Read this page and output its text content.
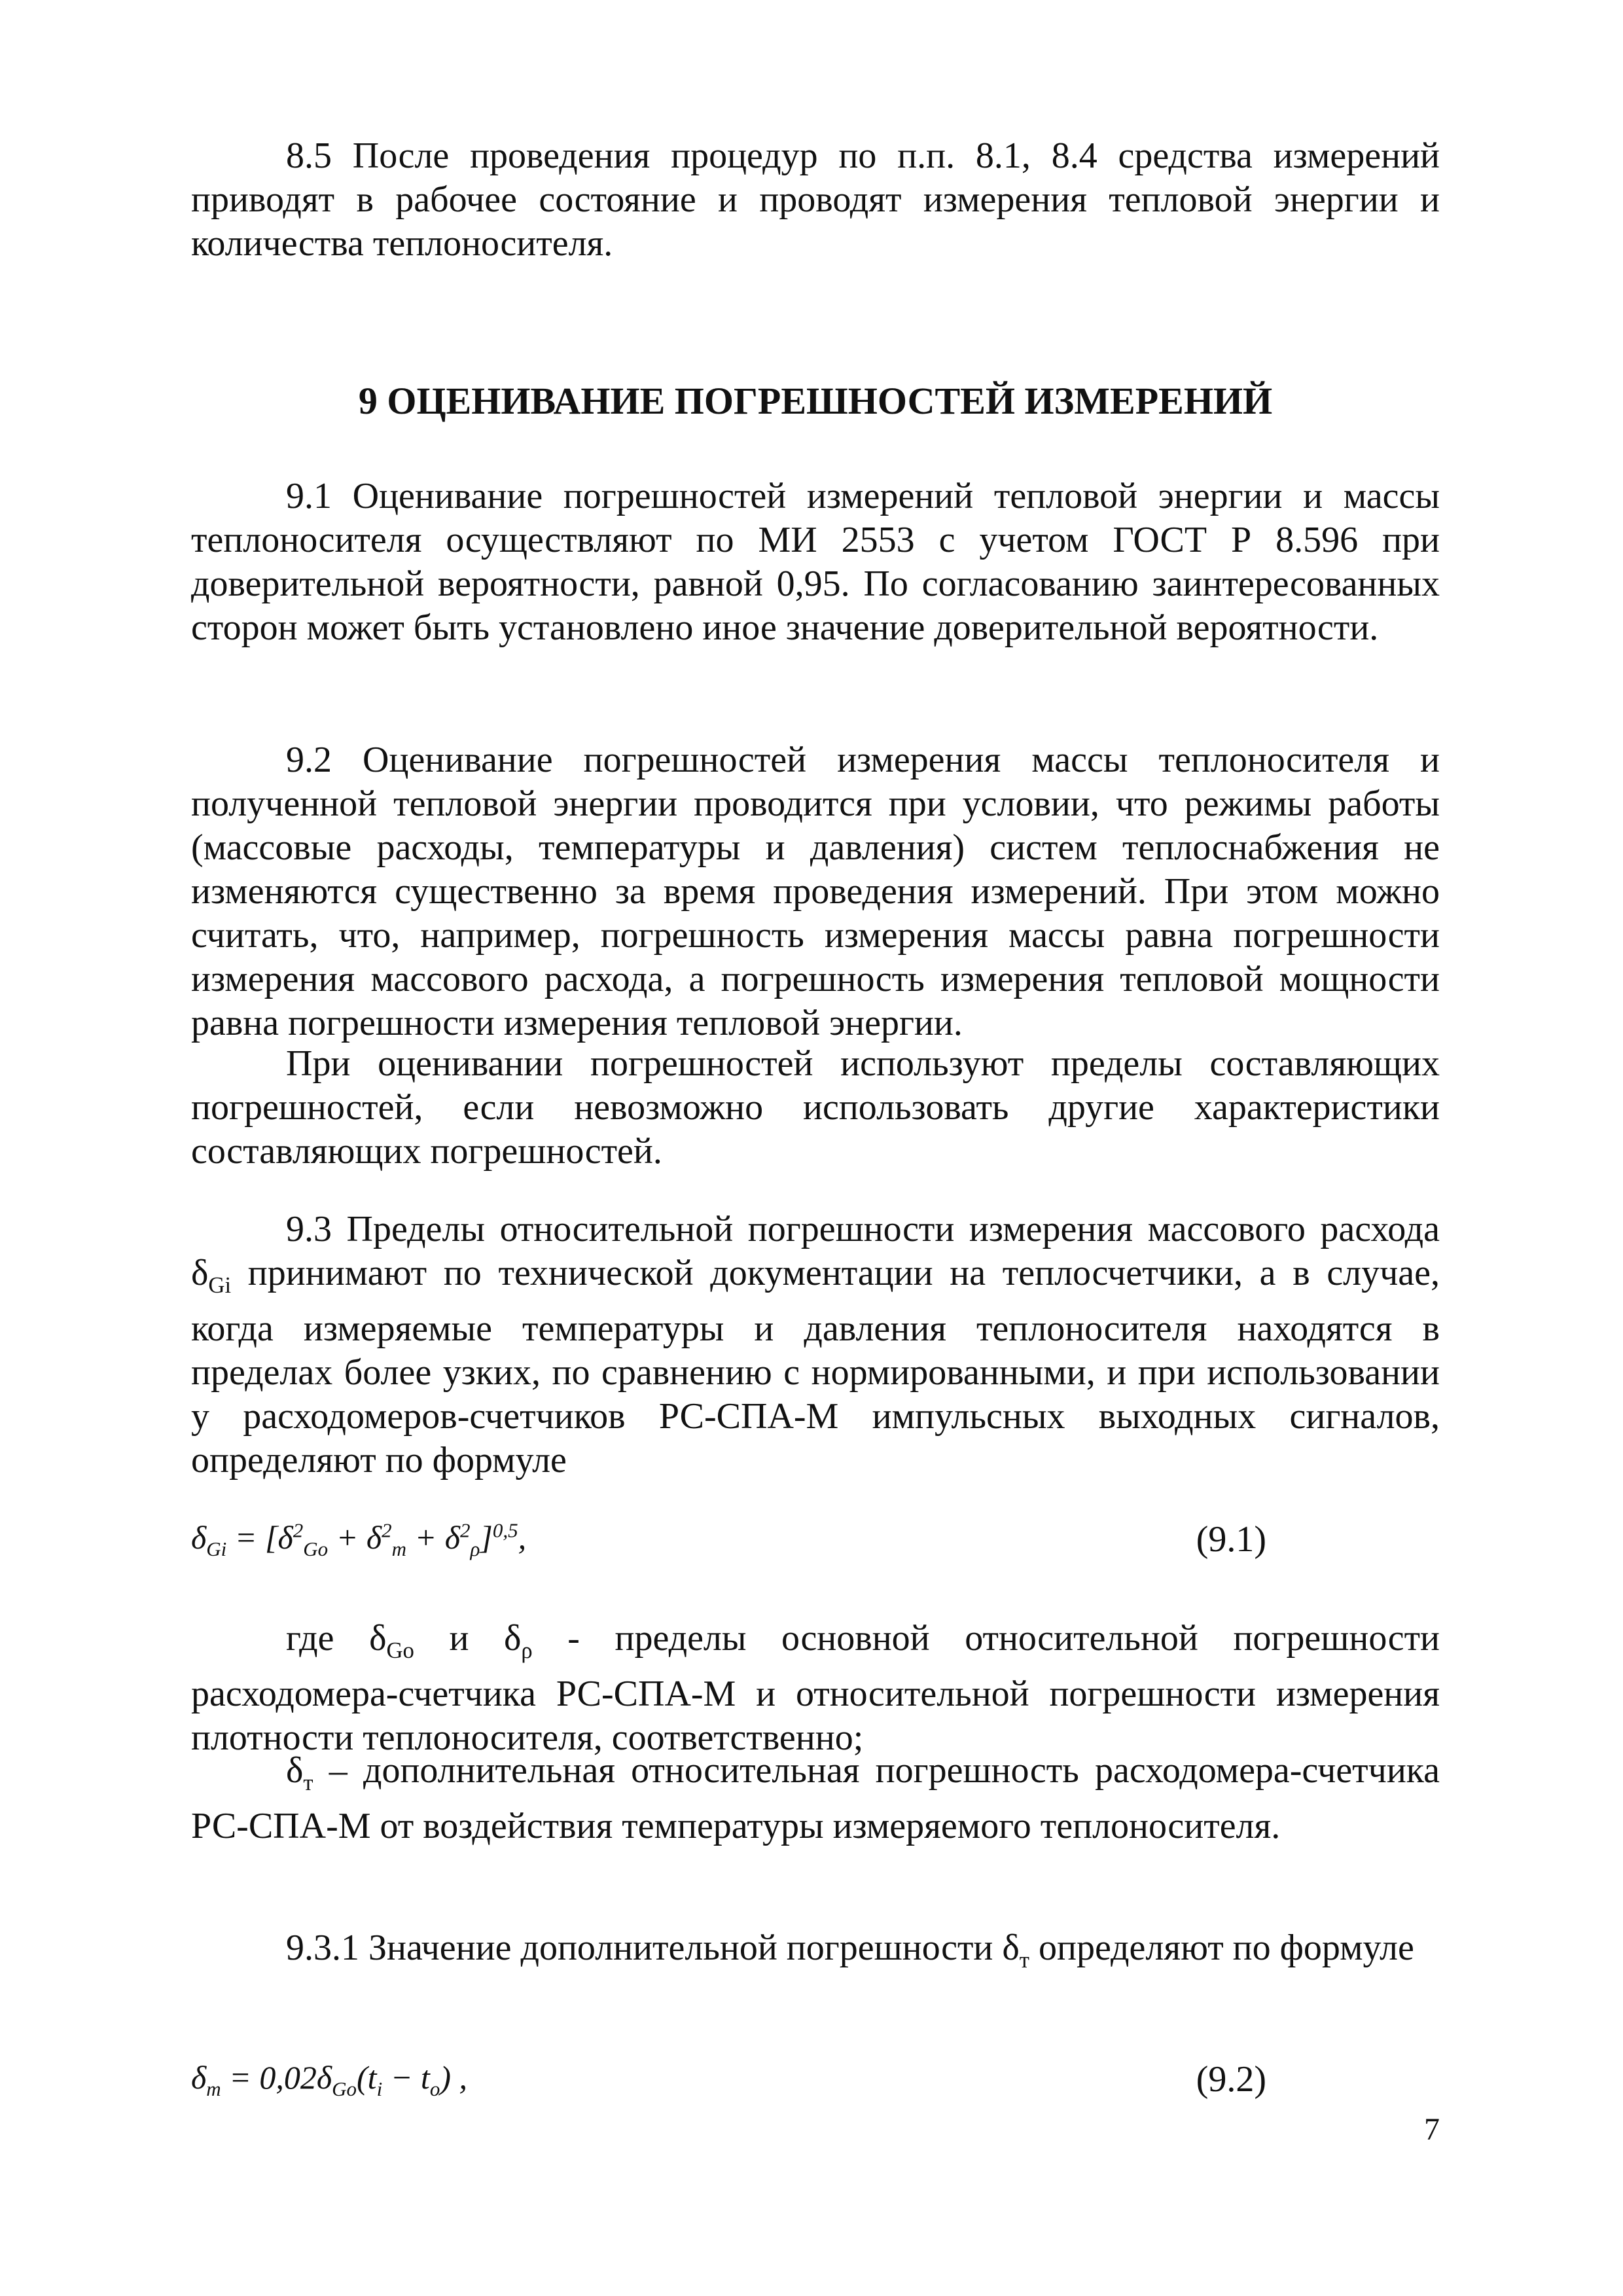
8.5 После проведения процедур по п.п. 8.1, 8.4 средства измерений приводят в рабочее состояние и проводят измерения тепловой энергии и количества теплоносителя.

9 ОЦЕНИВАНИЕ ПОГРЕШНОСТЕЙ ИЗМЕРЕНИЙ

9.1 Оценивание погрешностей измерений тепловой энергии и массы теплоносителя осуществляют по МИ 2553 с учетом ГОСТ Р 8.596 при доверительной вероятности, равной 0,95. По согласованию заинтересованных сторон может быть установлено иное значение доверительной вероятности.

9.2 Оценивание погрешностей измерения массы теплоносителя и полученной тепловой энергии проводится при условии, что режимы работы (массовые расходы, температуры и давления) систем теплоснабжения не изменяются существенно за время проведения измерений. При этом можно считать, что, например, погрешность измерения массы равна погрешности измерения массового расхода, а погрешность измерения тепловой мощности равна погрешности измерения тепловой энергии.

При оценивании погрешностей используют пределы составляющих погрешностей, если невозможно использовать другие характеристики составляющих погрешностей.

9.3 Пределы относительной погрешности измерения массового расхода $\delta_{Gi}$ принимают по технической документации на теплосчетчики, а в случае, когда измеряемые температуры и давления теплоносителя находятся в пределах более узких, по сравнению с нормированными, и при использовании у расходомеров-счетчиков РС-СПА-М импульсных выходных сигналов, определяют по формуле

$\delta_{Gi} = [\delta^2_{Go} + \delta^2_т + \delta^2_\rho]^{0,5}$,	(9.1)

где $\delta_{Go}$ и $\delta_\rho$ - пределы основной относительной погрешности расходомера-счетчика РС-СПА-М и относительной погрешности измерения плотности теплоносителя, соответственно;

$\delta_т$ – дополнительная относительная погрешность расходомера-счетчика РС-СПА-М от воздействия температуры измеряемого теплоносителя.

9.3.1 Значение дополнительной погрешности $\delta_т$ определяют по формуле

$\delta_т = 0,02\delta_{Go}(t_i - t_o)$ ,	(9.2)
7
